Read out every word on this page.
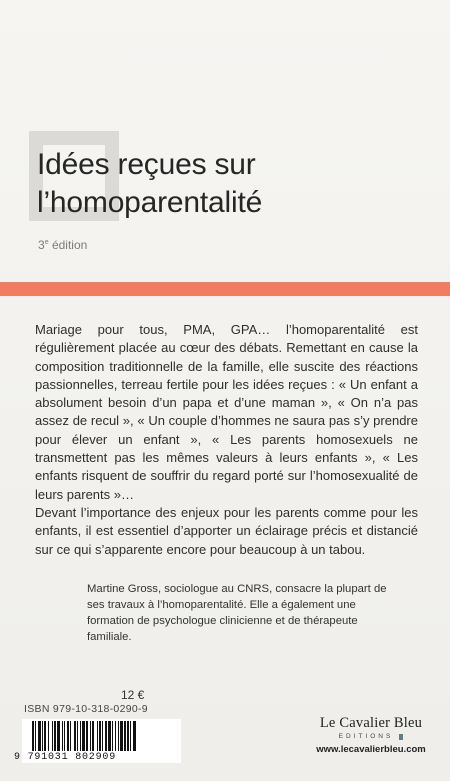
Idées reçues sur
l’homoparentalité
3e édition

Mariage pour tous, PMA, GPA… l’homoparentalité est régulièrement placée au cœur des débats. Remettant en cause la composition traditionnelle de la famille, elle suscite des réactions passionnelles, terreau fertile pour les idées reçues : « Un enfant a absolument besoin d’un papa et d’une maman », « On n’a pas assez de recul », « Un couple d’hommes ne saura pas s’y prendre pour élever un enfant », « Les parents homosexuels ne transmettent pas les mêmes valeurs à leurs enfants », « Les enfants risquent de souffrir du regard porté sur l’homosexualité de leurs parents »…

Devant l’importance des enjeux pour les parents comme pour les enfants, il est essentiel d’apporter un éclairage précis et distancié sur ce qui s’apparente encore pour beaucoup à un tabou.

Martine Gross, sociologue au CNRS, consacre la plupart de ses travaux à l’homoparentalité. Elle a également une formation de psychologue clinicienne et de thérapeute familiale.

12 €
ISBN 979-10-318-0290-9
9 791031 802909
Le Cavalier Bleu
EDITIONS
www.lecavalierbleu.com
